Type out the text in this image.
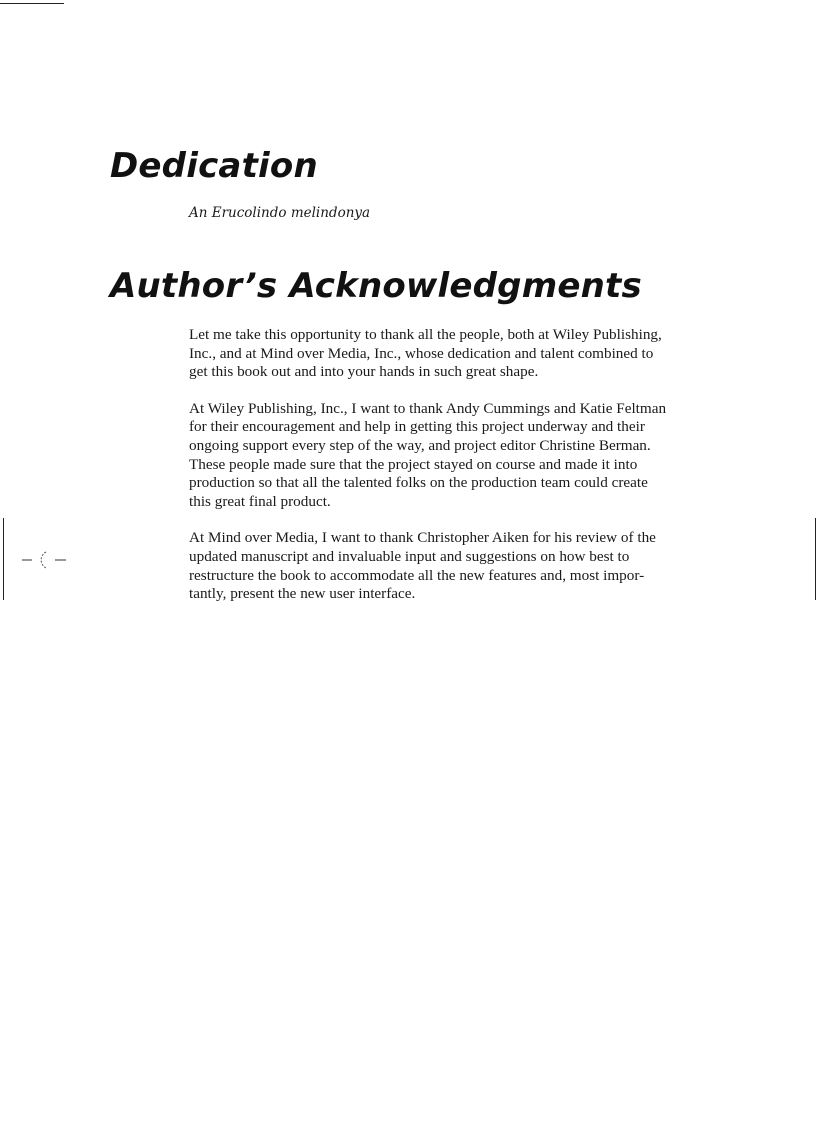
Dedication

An Erucolindo melindonya

Author’s Acknowledgments

Let me take this opportunity to thank all the people, both at Wiley Publishing,
Inc., and at Mind over Media, Inc., whose dedication and talent combined to
get this book out and into your hands in such great shape.

At Wiley Publishing, Inc., I want to thank Andy Cummings and Katie Feltman
for their encouragement and help in getting this project underway and their
ongoing support every step of the way, and project editor Christine Berman.
These people made sure that the project stayed on course and made it into
production so that all the talented folks on the production team could create
this great final product.

At Mind over Media, I want to thank Christopher Aiken for his review of the
updated manuscript and invaluable input and suggestions on how best to
restructure the book to accommodate all the new features and, most impor-
tantly, present the new user interface.
